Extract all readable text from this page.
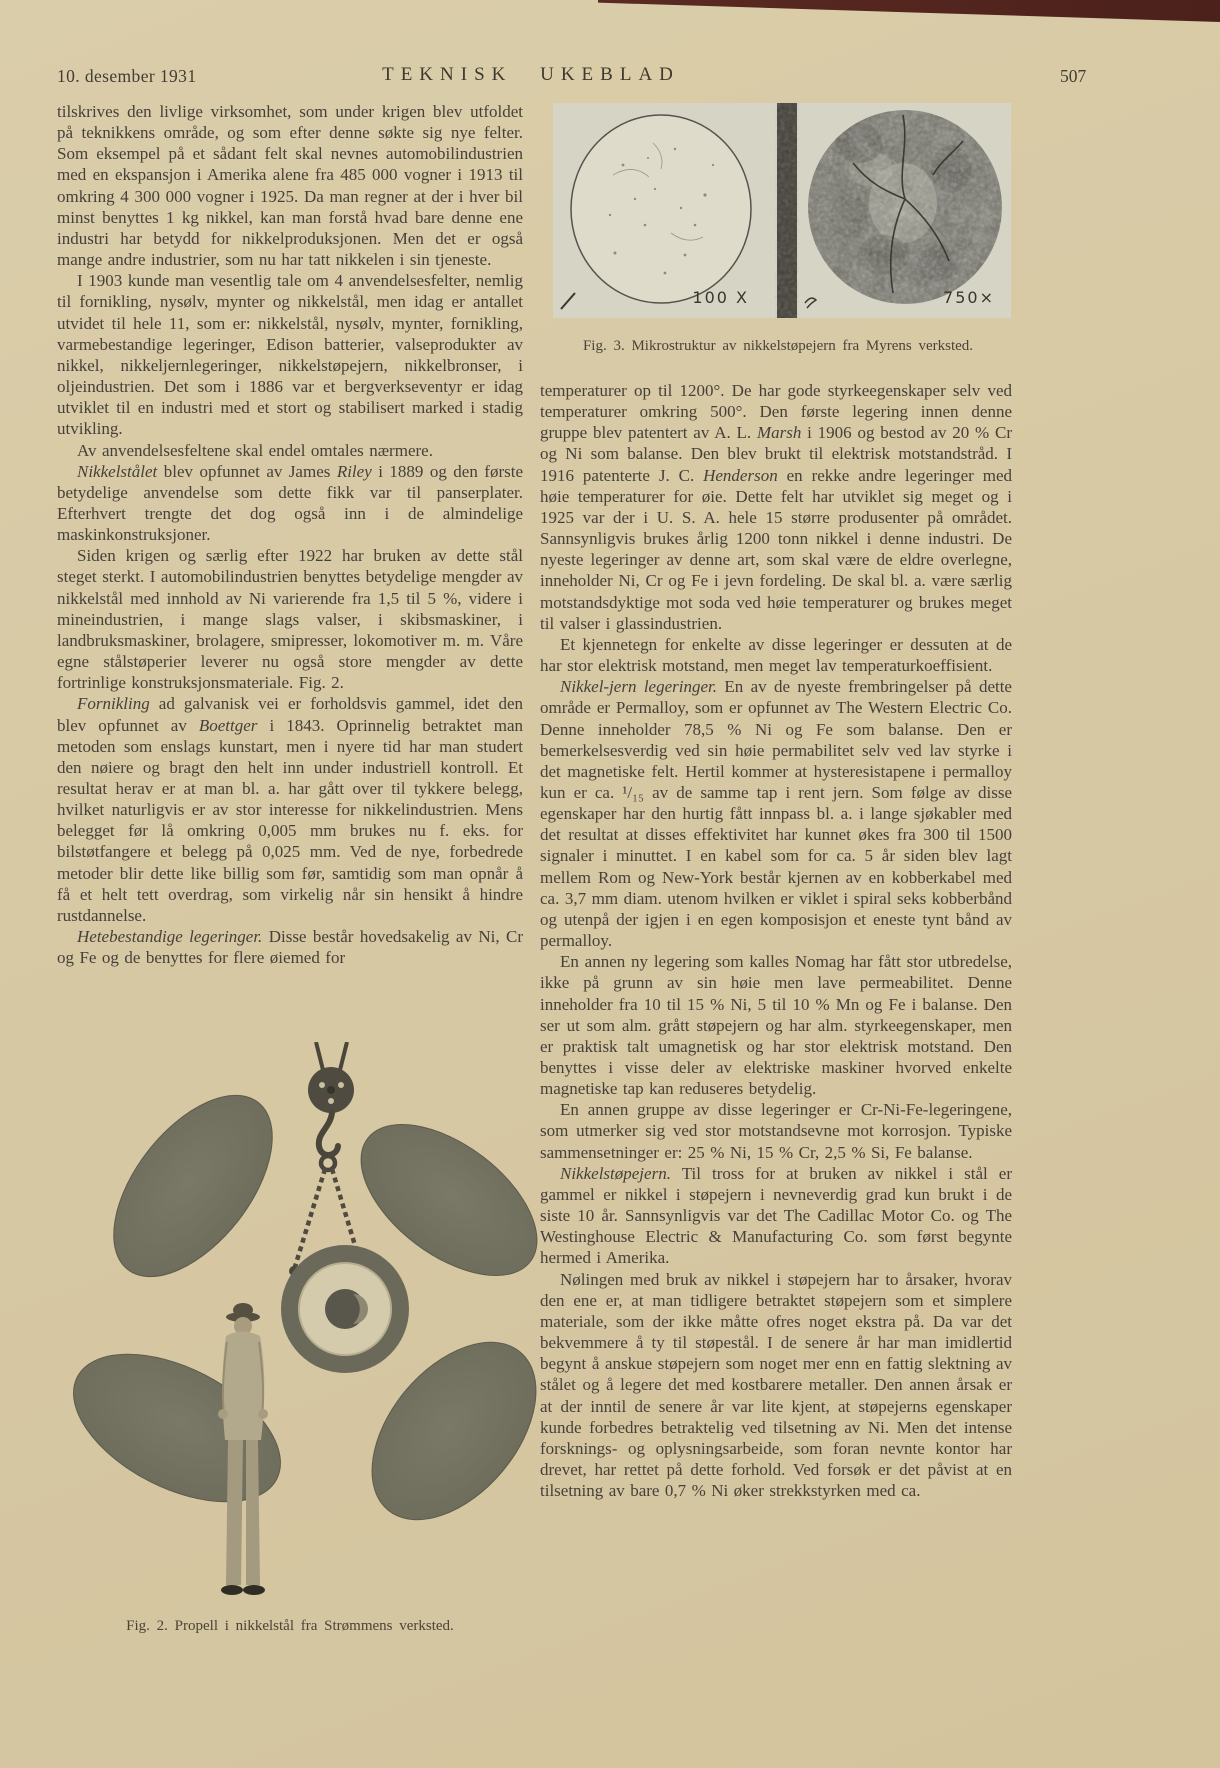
10. desember 1931	TEKNISK UKEBLAD	507
100 X	750×
Fig. 3. Mikrostruktur av nikkelstøpejern fra Myrens verksted.

tilskrives den livlige virksomhet, som under krigen blev utfoldet på teknikkens område, og som efter denne søkte sig nye felter. Som eksempel på et sådant felt skal nevnes automobilindustrien med en ekspansjon i Amerika alene fra 485 000 vogner i 1913 til omkring 4 300 000 vogner i 1925. Da man regner at der i hver bil minst benyttes 1 kg nikkel, kan man forstå hvad bare denne ene industri har betydd for nikkelproduksjonen. Men det er også mange andre industrier, som nu har tatt nikkelen i sin tjeneste.

I 1903 kunde man vesentlig tale om 4 anvendelsesfelter, nemlig til fornikling, nysølv, mynter og nikkelstål, men idag er antallet utvidet til hele 11, som er: nikkelstål, nysølv, mynter, fornikling, varmebestandige legeringer, Edison batterier, valseprodukter av nikkel, nikkeljernlegeringer, nikkelstøpejern, nikkelbronser, i oljeindustrien. Det som i 1886 var et bergverkseventyr er idag utviklet til en industri med et stort og stabilisert marked i stadig utvikling.

Av anvendelsesfeltene skal endel omtales nærmere.

Nikkelstålet blev opfunnet av James Riley i 1889 og den første betydelige anvendelse som dette fikk var til panserplater. Efterhvert trengte det dog også inn i de almindelige maskinkonstruksjoner.

Siden krigen og særlig efter 1922 har bruken av dette stål steget sterkt. I automobilindustrien benyttes betydelige mengder av nikkelstål med innhold av Ni varierende fra 1,5 til 5 %, videre i mineindustrien, i mange slags valser, i skibsmaskiner, i landbruksmaskiner, brolagere, smipresser, lokomotiver m. m. Våre egne stålstøperier leverer nu også store mengder av dette fortrinlige konstruksjonsmateriale. Fig. 2.

Fornikling ad galvanisk vei er forholdsvis gammel, idet den blev opfunnet av Boettger i 1843. Oprinnelig betraktet man metoden som enslags kunstart, men i nyere tid har man studert den nøiere og bragt den helt inn under industriell kontroll. Et resultat herav er at man bl. a. har gått over til tykkere belegg, hvilket naturligvis er av stor interesse for nikkelindustrien. Mens belegget før lå omkring 0,005 mm brukes nu f. eks. for bilstøtfangere et belegg på 0,025 mm. Ved de nye, forbedrede metoder blir dette like billig som før, samtidig som man opnår å få et helt tett overdrag, som virkelig når sin hensikt å hindre rustdannelse.

Hetebestandige legeringer. Disse består hovedsakelig av Ni, Cr og Fe og de benyttes for flere øiemed for

temperaturer op til 1200°. De har gode styrkeegenskaper selv ved temperaturer omkring 500°. Den første legering innen denne gruppe blev patentert av A. L. Marsh i 1906 og bestod av 20 % Cr og Ni som balanse. Den blev brukt til elektrisk motstandstråd. I 1916 patenterte J. C. Henderson en rekke andre legeringer med høie temperaturer for øie. Dette felt har utviklet sig meget og i 1925 var der i U. S. A. hele 15 større produsenter på området. Sannsynligvis brukes årlig 1200 tonn nikkel i denne industri. De nyeste legeringer av denne art, som skal være de eldre overlegne, inneholder Ni, Cr og Fe i jevn fordeling. De skal bl. a. være særlig motstandsdyktige mot soda ved høie temperaturer og brukes meget til valser i glassindustrien.

Et kjennetegn for enkelte av disse legeringer er dessuten at de har stor elektrisk motstand, men meget lav temperaturkoeffisient.

Nikkel-jern legeringer. En av de nyeste frembringelser på dette område er Permalloy, som er opfunnet av The Western Electric Co. Denne inneholder 78,5 % Ni og Fe som balanse. Den er bemerkelsesverdig ved sin høie permabilitet selv ved lav styrke i det magnetiske felt. Hertil kommer at hysteresistapene i permalloy kun er ca. ¹/₁₅ av de samme tap i rent jern. Som følge av disse egenskaper har den hurtig fått innpass bl. a. i lange sjøkabler med det resultat at disses effektivitet har kunnet økes fra 300 til 1500 signaler i minuttet. I en kabel som for ca. 5 år siden blev lagt mellem Rom og New-York består kjernen av en kobberkabel med ca. 3,7 mm diam. utenom hvilken er viklet i spiral seks kobberbånd og utenpå der igjen i en egen komposisjon et eneste tynt bånd av permalloy.

En annen ny legering som kalles Nomag har fått stor utbredelse, ikke på grunn av sin høie men lave permeabilitet. Denne inneholder fra 10 til 15 % Ni, 5 til 10 % Mn og Fe i balanse. Den ser ut som alm. grått støpejern og har alm. styrkeegenskaper, men er praktisk talt umagnetisk og har stor elektrisk motstand. Den benyttes i visse deler av elektriske maskiner hvorved enkelte magnetiske tap kan reduseres betydelig.

En annen gruppe av disse legeringer er Cr-Ni-Fe-legeringene, som utmerker sig ved stor motstandsevne mot korrosjon. Typiske sammensetninger er: 25 % Ni, 15 % Cr, 2,5 % Si, Fe balanse.

Nikkelstøpejern. Til tross for at bruken av nikkel i stål er gammel er nikkel i støpejern i nevneverdig grad kun brukt i de siste 10 år. Sannsynligvis var det The Cadillac Motor Co. og The Westinghouse Electric & Manufacturing Co. som først begynte hermed i Amerika.

Nølingen med bruk av nikkel i støpejern har to årsaker, hvorav den ene er, at man tidligere betraktet støpejern som et simplere materiale, som der ikke måtte ofres noget ekstra på. Da var det bekvemmere å ty til støpestål. I de senere år har man imidlertid begynt å anskue støpejern som noget mer enn en fattig slektning av stålet og å legere det med kostbarere metaller. Den annen årsak er at der inntil de senere år var lite kjent, at støpejerns egenskaper kunde forbedres betraktelig ved tilsetning av Ni. Men det intense forsknings- og oplysningsarbeide, som foran nevnte kontor har drevet, har rettet på dette forhold. Ved forsøk er det påvist at en tilsetning av bare 0,7 % Ni øker strekkstyrken med ca.

Fig. 2. Propell i nikkelstål fra Strømmens verksted.
